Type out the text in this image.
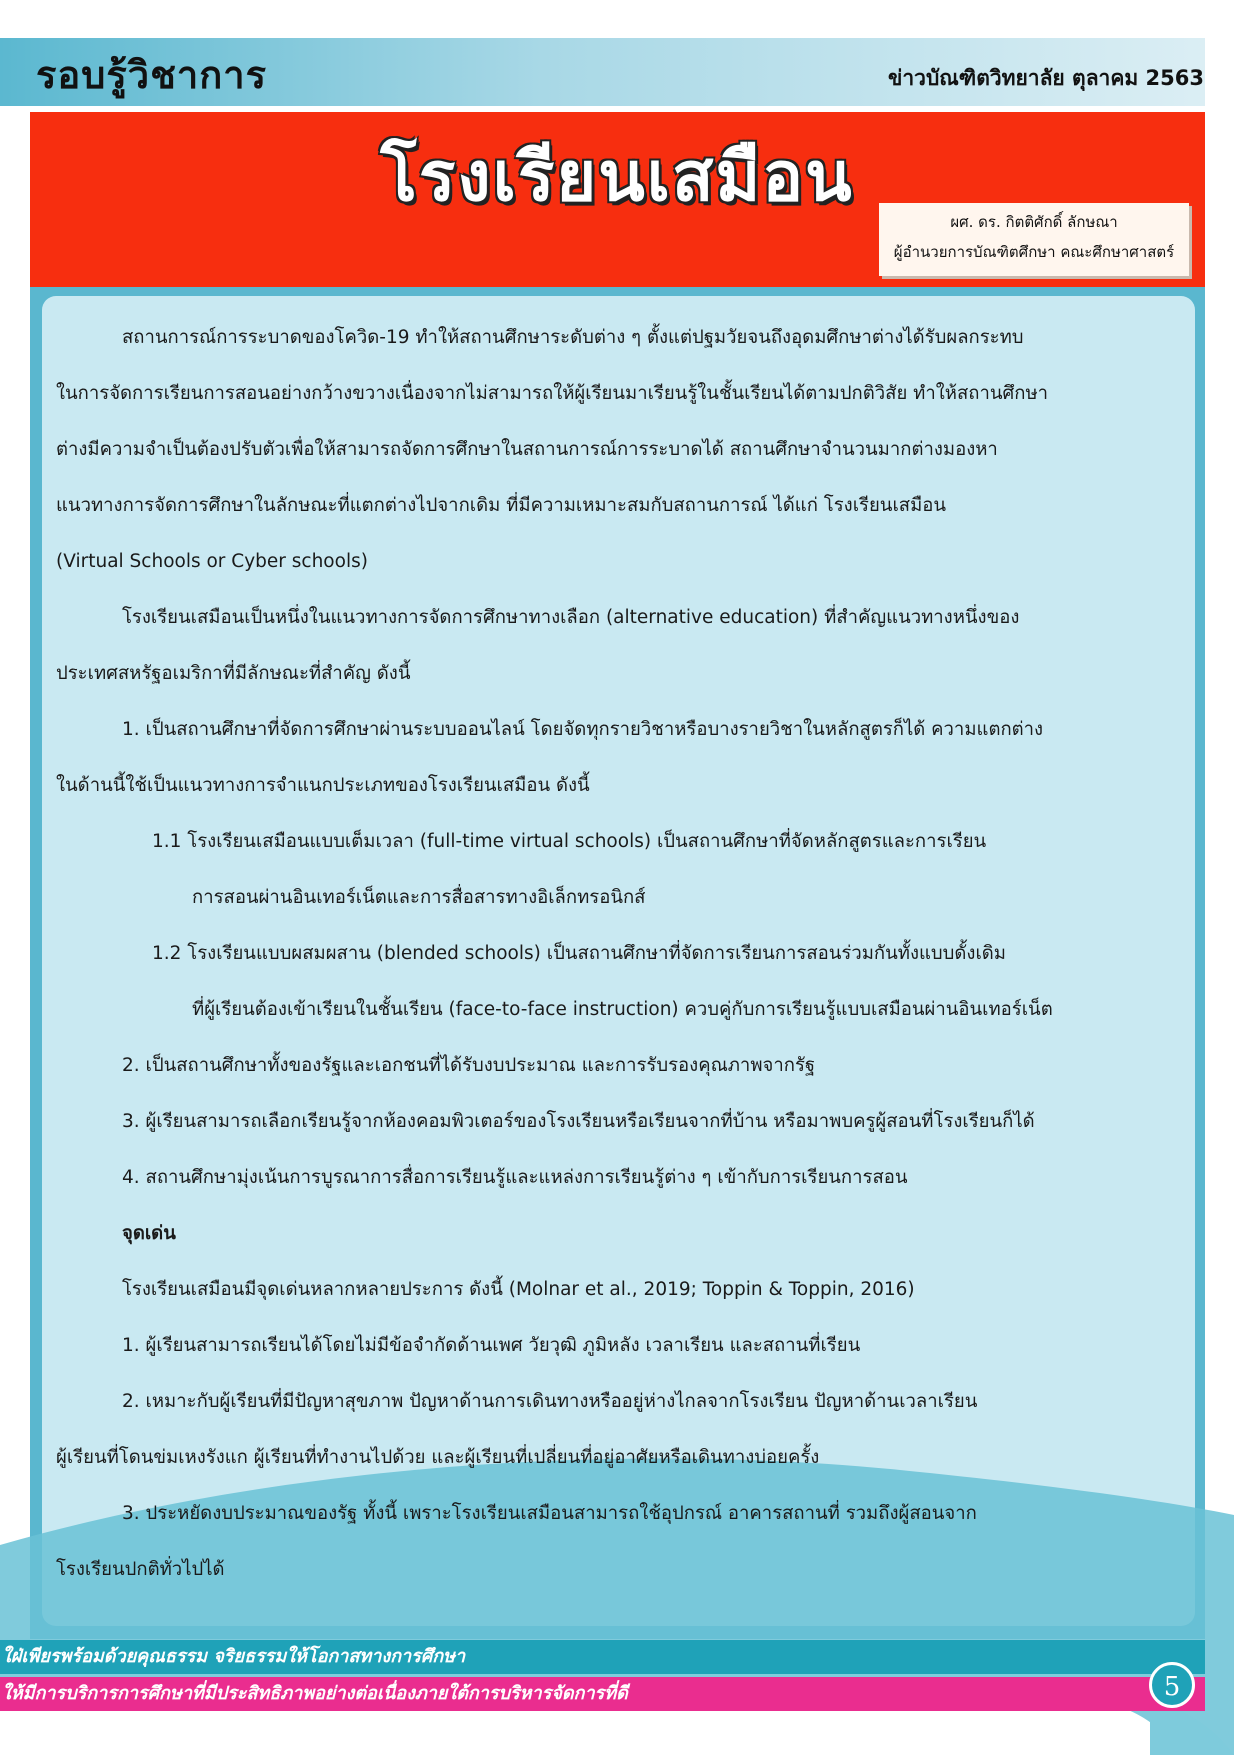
รอบรู้วิชาการ	ข่าวบัณฑิตวิทยาลัย ตุลาคม 2563
โรงเรียนเสมือน
ผศ. ดร. กิตติศักดิ์ ลักษณา
ผู้อำนวยการบัณฑิตศึกษา คณะศึกษาศาสตร์

สถานการณ์การระบาดของโควิด-19 ทำให้สถานศึกษาระดับต่าง ๆ ตั้งแต่ปฐมวัยจนถึงอุดมศึกษาต่างได้รับผลกระทบ

ในการจัดการเรียนการสอนอย่างกว้างขวางเนื่องจากไม่สามารถให้ผู้เรียนมาเรียนรู้ในชั้นเรียนได้ตามปกติวิสัย ทำให้สถานศึกษา

ต่างมีความจำเป็นต้องปรับตัวเพื่อให้สามารถจัดการศึกษาในสถานการณ์การระบาดได้ สถานศึกษาจำนวนมากต่างมองหา

แนวทางการจัดการศึกษาในลักษณะที่แตกต่างไปจากเดิม ที่มีความเหมาะสมกับสถานการณ์ ได้แก่ โรงเรียนเสมือน

(Virtual Schools or Cyber schools)

โรงเรียนเสมือนเป็นหนึ่งในแนวทางการจัดการศึกษาทางเลือก (alternative education) ที่สำคัญแนวทางหนึ่งของ

ประเทศสหรัฐอเมริกาที่มีลักษณะที่สำคัญ ดังนี้

1. เป็นสถานศึกษาที่จัดการศึกษาผ่านระบบออนไลน์ โดยจัดทุกรายวิชาหรือบางรายวิชาในหลักสูตรก็ได้ ความแตกต่าง

ในด้านนี้ใช้เป็นแนวทางการจำแนกประเภทของโรงเรียนเสมือน ดังนี้

1.1 โรงเรียนเสมือนแบบเต็มเวลา (full-time virtual schools) เป็นสถานศึกษาที่จัดหลักสูตรและการเรียน

การสอนผ่านอินเทอร์เน็ตและการสื่อสารทางอิเล็กทรอนิกส์

1.2 โรงเรียนแบบผสมผสาน (blended schools) เป็นสถานศึกษาที่จัดการเรียนการสอนร่วมกันทั้งแบบดั้งเดิม

ที่ผู้เรียนต้องเข้าเรียนในชั้นเรียน (face-to-face instruction) ควบคู่กับการเรียนรู้แบบเสมือนผ่านอินเทอร์เน็ต

2. เป็นสถานศึกษาทั้งของรัฐและเอกชนที่ได้รับงบประมาณ และการรับรองคุณภาพจากรัฐ

3. ผู้เรียนสามารถเลือกเรียนรู้จากห้องคอมพิวเตอร์ของโรงเรียนหรือเรียนจากที่บ้าน หรือมาพบครูผู้สอนที่โรงเรียนก็ได้

4. สถานศึกษามุ่งเน้นการบูรณาการสื่อการเรียนรู้และแหล่งการเรียนรู้ต่าง ๆ เข้ากับการเรียนการสอน

จุดเด่น

โรงเรียนเสมือนมีจุดเด่นหลากหลายประการ ดังนี้ (Molnar et al., 2019; Toppin & Toppin, 2016)

1. ผู้เรียนสามารถเรียนได้โดยไม่มีข้อจำกัดด้านเพศ วัยวุฒิ ภูมิหลัง เวลาเรียน และสถานที่เรียน

2. เหมาะกับผู้เรียนที่มีปัญหาสุขภาพ ปัญหาด้านการเดินทางหรืออยู่ห่างไกลจากโรงเรียน ปัญหาด้านเวลาเรียน

ผู้เรียนที่โดนข่มเหงรังแก ผู้เรียนที่ทำงานไปด้วย และผู้เรียนที่เปลี่ยนที่อยู่อาศัยหรือเดินทางบ่อยครั้ง

3. ประหยัดงบประมาณของรัฐ ทั้งนี้ เพราะโรงเรียนเสมือนสามารถใช้อุปกรณ์ อาคารสถานที่ รวมถึงผู้สอนจาก

โรงเรียนปกติทั่วไปได้

ใฝ่เพียรพร้อมด้วยคุณธรรม จริยธรรมให้โอกาสทางการศึกษา
ให้มีการบริการการศึกษาที่มีประสิทธิภาพอย่างต่อเนื่องภายใต้การบริหารจัดการที่ดี	5
